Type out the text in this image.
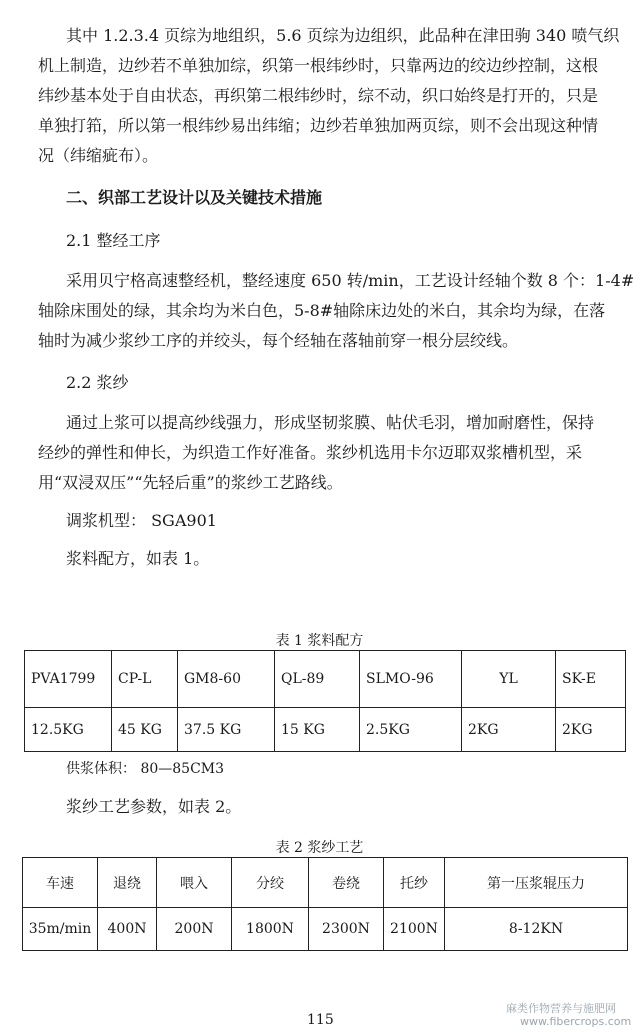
其中 1.2.3.4 页综为地组织，5.6 页综为边组织，此品种在津田驹 340 喷气织
机上制造，边纱若不单独加综，织第一根纬纱时，只靠两边的绞边纱控制，这根
纬纱基本处于自由状态，再织第二根纬纱时，综不动，织口始终是打开的，只是
单独打筘，所以第一根纬纱易出纬缩；边纱若单独加两页综，则不会出现这种情
况（纬缩疵布）。
二、织部工艺设计以及关键技术措施
2.1 整经工序
采用贝宁格高速整经机，整经速度 650 转/min，工艺设计经轴个数 8 个：1-4#
轴除床围处的绿，其余均为米白色，5-8#轴除床边处的米白，其余均为绿，在落
轴时为减少浆纱工序的并绞头，每个经轴在落轴前穿一根分层绞线。
2.2 浆纱
通过上浆可以提高纱线强力，形成坚韧浆膜、帖伏毛羽，增加耐磨性，保持
经纱的弹性和伸长，为织造工作好准备。浆纱机选用卡尔迈耶双浆槽机型，采
用“双浸双压”“先轻后重”的浆纱工艺路线。
调浆机型： SGA901
浆料配方，如表 1。
表 1 浆料配方
PVA1799	CP-L	GM8-60	QL-89	SLMO-96	YL	SK-E
12.5KG	45 KG	37.5 KG	15 KG	2.5KG	2KG	2KG
供浆体积： 80—85CM3
浆纱工艺参数，如表 2。
表 2 浆纱工艺
车速	退绕	喂入	分绞	卷绕	托纱	第一压浆辊压力
35m/min	400N	200N	1800N	2300N	2100N	8-12KN
115
麻类作物营养与施肥网
www.fibercrops.com
